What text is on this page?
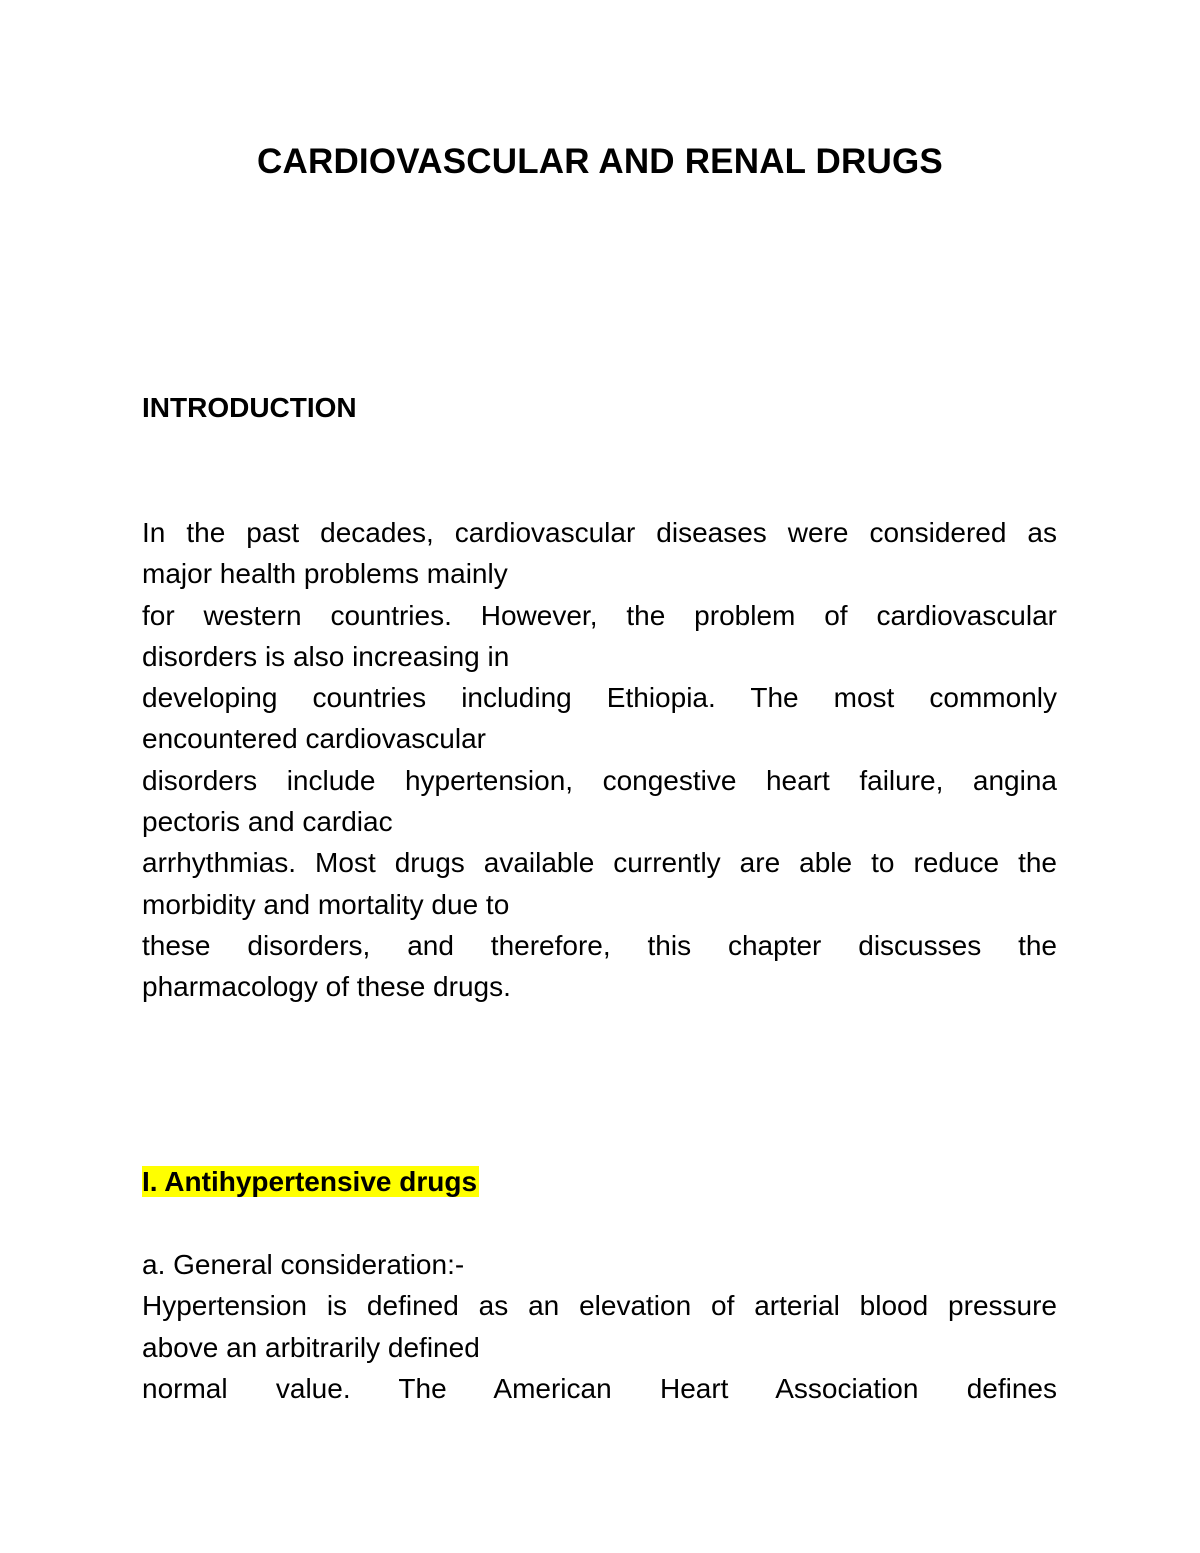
CARDIOVASCULAR AND RENAL DRUGS
INTRODUCTION

In the past decades, cardiovascular diseases were considered as
major health problems mainly
for western countries. However, the problem of cardiovascular
disorders is also increasing in
developing countries including Ethiopia. The most commonly
encountered cardiovascular
disorders include hypertension, congestive heart failure, angina
pectoris and cardiac
arrhythmias. Most drugs available currently are able to reduce the
morbidity and mortality due to
these disorders, and therefore, this chapter discusses the
pharmacology of these drugs.

I. Antihypertensive drugs

a. General consideration:-
Hypertension is defined as an elevation of arterial blood pressure
above an arbitrarily defined
normal value. The American Heart Association defines
